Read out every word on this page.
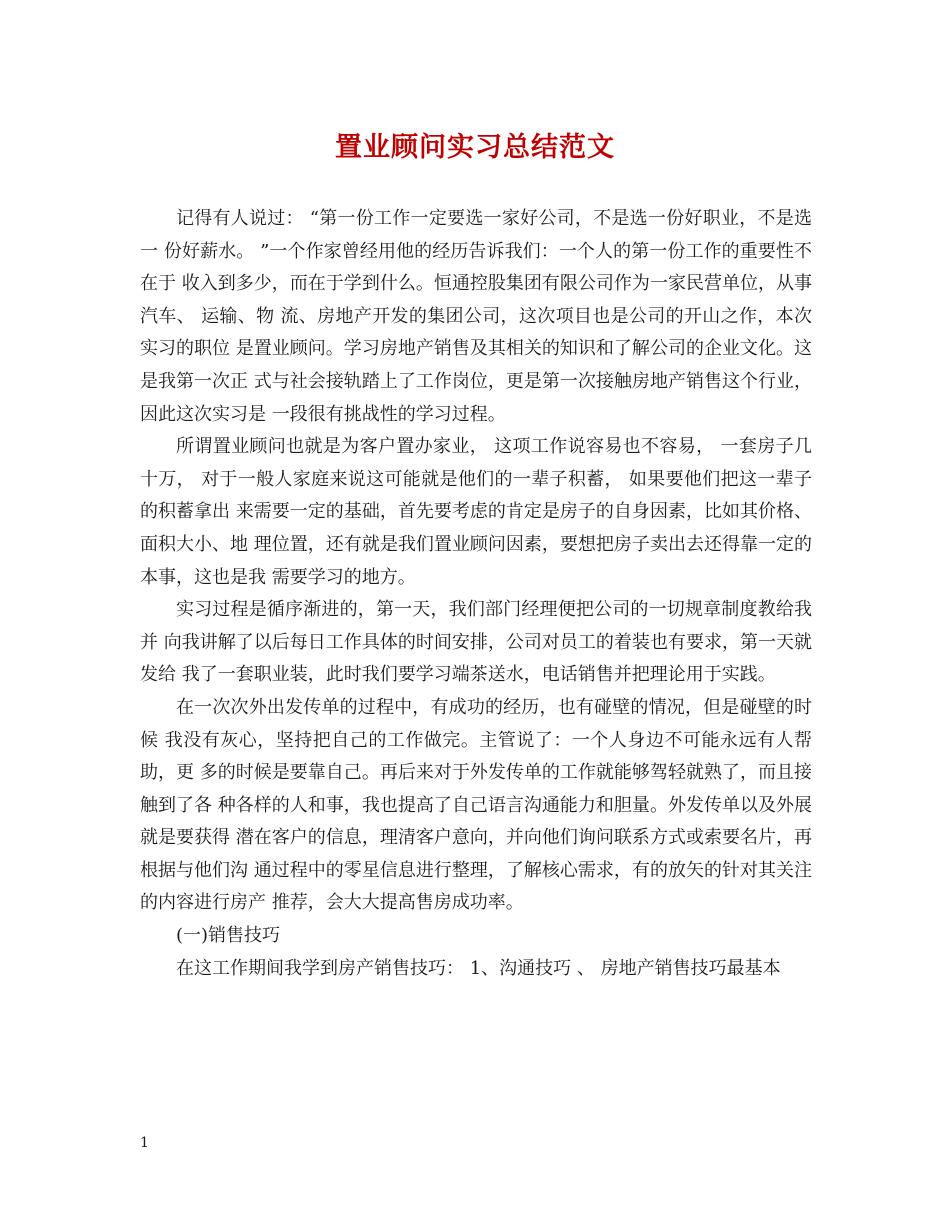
置业顾问实习总结范文

记得有人说过： “第一份工作一定要选一家好公司，不是选一份好职业，不是选一 份好薪水。 ”一个作家曾经用他的经历告诉我们：一个人的第一份工作的重要性不在于 收入到多少，而在于学到什么。恒通控股集团有限公司作为一家民营单位，从事汽车、 运输、物 流、房地产开发的集团公司，这次项目也是公司的开山之作，本次实习的职位 是置业顾问。学习房地产销售及其相关的知识和了解公司的企业文化。这是我第一次正 式与社会接轨踏上了工作岗位，更是第一次接触房地产销售这个行业，因此这次实习是 一段很有挑战性的学习过程。

所谓置业顾问也就是为客户置办家业， 这项工作说容易也不容易， 一套房子几十万， 对于一般人家庭来说这可能就是他们的一辈子积蓄， 如果要他们把这一辈子的积蓄拿出 来需要一定的基础，首先要考虑的肯定是房子的自身因素，比如其价格、面积大小、地 理位置，还有就是我们置业顾问因素，要想把房子卖出去还得靠一定的本事，这也是我 需要学习的地方。

实习过程是循序渐进的，第一天，我们部门经理便把公司的一切规章制度教给我并 向我讲解了以后每日工作具体的时间安排，公司对员工的着装也有要求，第一天就发给 我了一套职业装，此时我们要学习端茶送水，电话销售并把理论用于实践。

在一次次外出发传单的过程中，有成功的经历，也有碰壁的情况，但是碰壁的时候 我没有灰心，坚持把自己的工作做完。主管说了：一个人身边不可能永远有人帮助，更 多的时候是要靠自己。再后来对于外发传单的工作就能够驾轻就熟了，而且接触到了各 种各样的人和事，我也提高了自己语言沟通能力和胆量。外发传单以及外展就是要获得 潜在客户的信息，理清客户意向，并向他们询问联系方式或索要名片，再根据与他们沟 通过程中的零星信息进行整理，了解核心需求，有的放矢的针对其关注的内容进行房产 推荐，会大大提高售房成功率。

(一)销售技巧

在这工作期间我学到房产销售技巧： 1、沟通技巧 、 房地产销售技巧最基本

1
